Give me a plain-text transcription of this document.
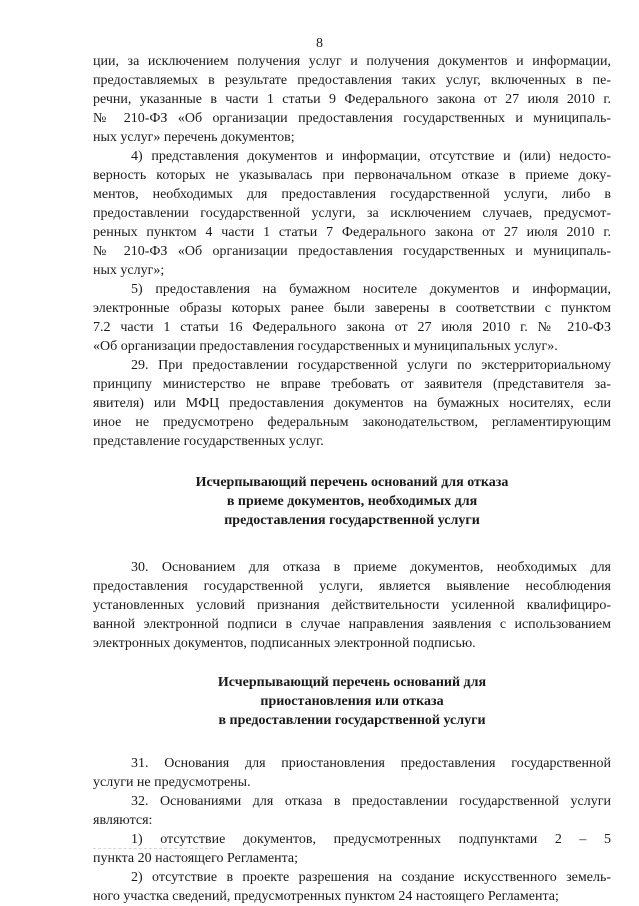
8
ции, за исключением получения услуг и получения документов и информации,
предоставляемых в результате предоставления таких услуг, включенных в пе-
речни, указанные в части 1 статьи 9 Федерального закона от 27 июля 2010 г.
№ 210-ФЗ «Об организации предоставления государственных и муниципаль-
ных услуг» перечень документов;
4) представления документов и информации, отсутствие и (или) недосто-
верность которых не указывалась при первоначальном отказе в приеме доку-
ментов, необходимых для предоставления государственной услуги, либо в
предоставлении государственной услуги, за исключением случаев, предусмот-
ренных пунктом 4 части 1 статьи 7 Федерального закона от 27 июля 2010 г.
№ 210-ФЗ «Об организации предоставления государственных и муниципаль-
ных услуг»;
5) предоставления на бумажном носителе документов и информации,
электронные образы которых ранее были заверены в соответствии с пунктом
7.2 части 1 статьи 16 Федерального закона от 27 июля 2010 г. № 210-ФЗ
«Об организации предоставления государственных и муниципальных услуг».
29. При предоставлении государственной услуги по экстерриториальному
принципу министерство не вправе требовать от заявителя (представителя за-
явителя) или МФЦ предоставления документов на бумажных носителях, если
иное не предусмотрено федеральным законодательством, регламентирующим
представление государственных услуг.
Исчерпывающий перечень оснований для отказа
в приеме документов, необходимых для
предоставления государственной услуги
30. Основанием для отказа в приеме документов, необходимых для
предоставления государственной услуги, является выявление несоблюдения
установленных условий признания действительности усиленной квалифициро-
ванной электронной подписи в случае направления заявления с использованием
электронных документов, подписанных электронной подписью.
Исчерпывающий перечень оснований для
приостановления или отказа
в предоставлении государственной услуги
31. Основания для приостановления предоставления государственной
услуги не предусмотрены.
32. Основаниями для отказа в предоставлении государственной услуги
являются:
1) отсутствие документов, предусмотренных подпунктами 2 – 5
пункта 20 настоящего Регламента;
2) отсутствие в проекте разрешения на создание искусственного земель-
ного участка сведений, предусмотренных пунктом 24 настоящего Регламента;
